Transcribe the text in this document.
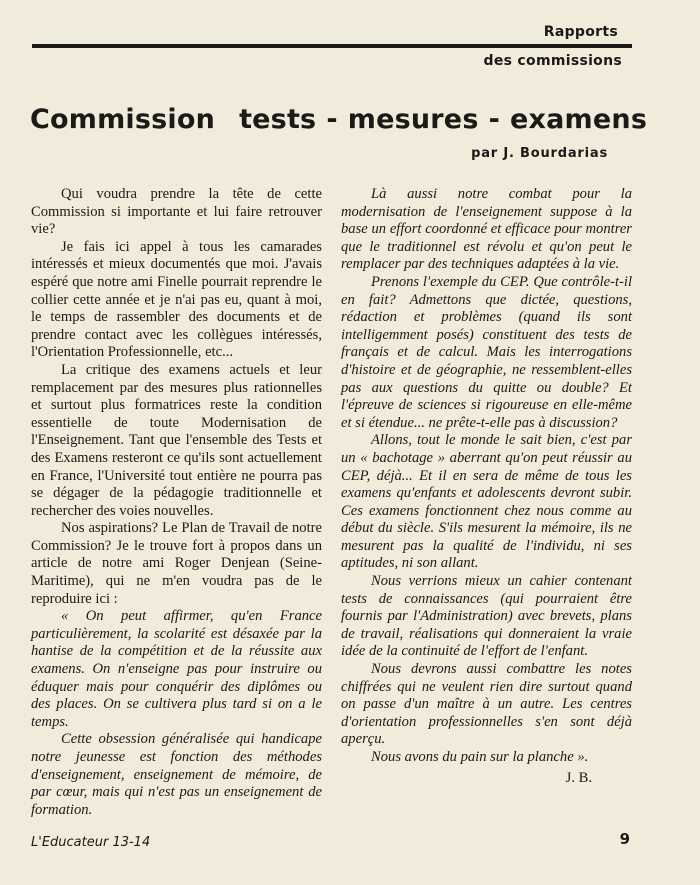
Rapports
des commissions
Commission tests - mesures - examens
par J. Bourdarias

Qui voudra prendre la tête de cette Commission si importante et lui faire retrouver vie?

Je fais ici appel à tous les camarades intéressés et mieux documentés que moi. J'avais espéré que notre ami Finelle pourrait reprendre le collier cette année et je n'ai pas eu, quant à moi, le temps de rassembler des documents et de prendre contact avec les collègues intéressés, l'Orientation Professionnelle, etc...

La critique des examens actuels et leur remplacement par des mesures plus rationnelles et surtout plus formatrices reste la condition essentielle de toute Modernisation de l'Enseignement. Tant que l'ensemble des Tests et des Examens resteront ce qu'ils sont actuellement en France, l'Université tout entière ne pourra pas se dégager de la pédagogie traditionnelle et rechercher des voies nouvelles.

Nos aspirations? Le Plan de Travail de notre Commission? Je le trouve fort à propos dans un article de notre ami Roger Denjean (Seine-Maritime), qui ne m'en voudra pas de le reproduire ici :

« On peut affirmer, qu'en France particulièrement, la scolarité est désaxée par la hantise de la compétition et de la réussite aux examens. On n'enseigne pas pour instruire ou éduquer mais pour conquérir des diplômes ou des places. On se cultivera plus tard si on a le temps.

Cette obsession généralisée qui handicape notre jeunesse est fonction des méthodes d'enseignement, enseignement de mémoire, de par cœur, mais qui n'est pas un enseignement de formation.

Là aussi notre combat pour la modernisation de l'enseignement suppose à la base un effort coordonné et efficace pour montrer que le traditionnel est révolu et qu'on peut le remplacer par des techniques adaptées à la vie.

Prenons l'exemple du CEP. Que contrôle-t-il en fait? Admettons que dictée, questions, rédaction et problèmes (quand ils sont intelligemment posés) constituent des tests de français et de calcul. Mais les interrogations d'histoire et de géographie, ne ressemblent-elles pas aux questions du quitte ou double? Et l'épreuve de sciences si rigoureuse en elle-même et si étendue... ne prête-t-elle pas à discussion?

Allons, tout le monde le sait bien, c'est par un « bachotage » aberrant qu'on peut réussir au CEP, déjà... Et il en sera de même de tous les examens qu'enfants et adolescents devront subir. Ces examens fonctionnent chez nous comme au début du siècle. S'ils mesurent la mémoire, ils ne mesurent pas la qualité de l'individu, ni ses aptitudes, ni son allant.

Nous verrions mieux un cahier contenant tests de connaissances (qui pourraient être fournis par l'Administration) avec brevets, plans de travail, réalisations qui donneraient la vraie idée de la continuité de l'effort de l'enfant.

Nous devrons aussi combattre les notes chiffrées qui ne veulent rien dire surtout quand on passe d'un maître à un autre. Les centres d'orientation professionnelles s'en sont déjà aperçu.

Nous avons du pain sur la planche ».

J. B.

L'Educateur 13-14	9
